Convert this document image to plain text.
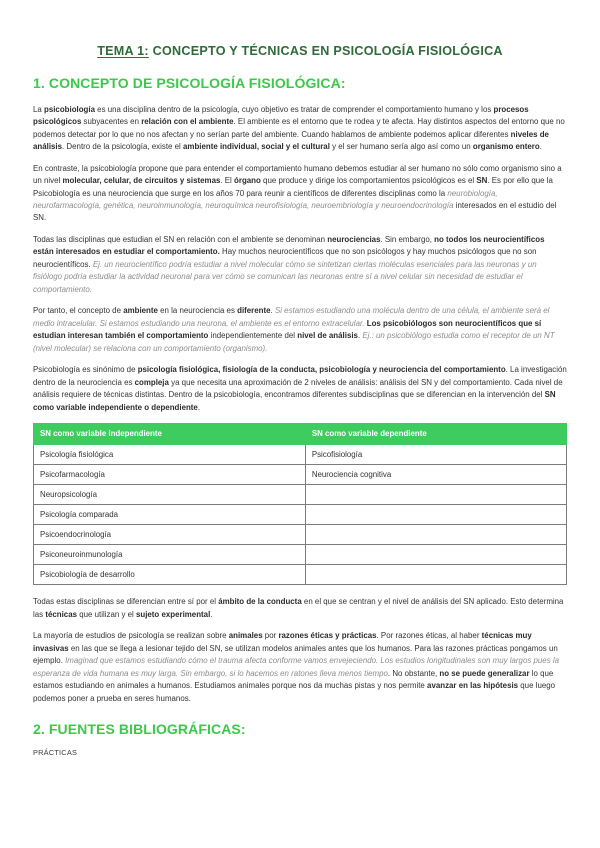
TEMA 1: CONCEPTO Y TÉCNICAS EN PSICOLOGÍA FISIOLÓGICA
1. CONCEPTO DE PSICOLOGÍA FISIOLÓGICA:

La psicobiología es una disciplina dentro de la psicología, cuyo objetivo es tratar de comprender el comportamiento humano y los procesos psicológicos subyacentes en relación con el ambiente. El ambiente es el entorno que te rodea y te afecta. Hay distintos aspectos del entorno que no podemos detectar por lo que no nos afectan y no serían parte del ambiente. Cuando hablamos de ambiente podemos aplicar diferentes niveles de análisis. Dentro de la psicología, existe el ambiente individual, social y el cultural y el ser humano sería algo así como un organismo entero.

En contraste, la psicobiología propone que para entender el comportamiento humano debemos estudiar al ser humano no sólo como organismo sino a un nivel molecular, celular, de circuitos y sistemas. El órgano que produce y dirige los comportamientos psicológicos es el SN. Es por ello que la Psicobiología es una neurociencia que surge en los años 70 para reunir a científicos de diferentes disciplinas como la neurobiología, neurofarmacología, genética, neuroinmunología, neuroquímica neurofisiología, neuroembriología y neuroendocrinología interesados en el estudio del SN.

Todas las disciplinas que estudian el SN en relación con el ambiente se denominan neurociencias. Sin embargo, no todos los neurocientíficos están interesados en estudiar el comportamiento. Hay muchos neurocientíficos que no son psicólogos y hay muchos psicólogos que no son neurocientíficos. Ej. un neurocientífico podría estudiar a nivel molecular cómo se sintetizan ciertas moléculas esenciales para las neuronas y un fisiólogo podría estudiar la actividad neuronal para ver cómo se comunican las neuronas entre sí a nivel celular sin necesidad de estudiar el comportamiento.

Por tanto, el concepto de ambiente en la neurociencia es diferente. Si estamos estudiando una molécula dentro de una célula, el ambiente será el medio intracelular. Si estamos estudiando una neurona, el ambiente es el entorno extracelular. Los psicobiólogos son neurocientíficos que sí estudian interesan también el comportamiento independientemente del nivel de análisis. Ej.: un psicobiólogo estudia como el receptor de un NT (nivel molecular) se relaciona con un comportamiento (organismo).

Psicobiología es sinónimo de psicología fisiológica, fisiología de la conducta, psicobiología y neurociencia del comportamiento. La investigación dentro de la neurociencia es compleja ya que necesita una aproximación de 2 niveles de análisis: análisis del SN y del comportamiento. Cada nivel de análisis requiere de técnicas distintas. Dentro de la psicobiología, encontramos diferentes subdisciplinas que se diferencian en la intervención del SN como variable independiente o dependiente.

SN como variable independiente	SN como variable dependiente
Psicología fisiológica	Psicofisiología
Psicofarmacología	Neurociencia cognitiva
Neuropsicología	
Psicología comparada	
Psicoendocrinología	
Psiconeuroinmunología	
Psicobiología de desarrollo	

Todas estas disciplinas se diferencian entre sí por el ámbito de la conducta en el que se centran y el nivel de análisis del SN aplicado. Esto determina las técnicas que utilizan y el sujeto experimental.

La mayoría de estudios de psicología se realizan sobre animales por razones éticas y prácticas. Por razones éticas, al haber técnicas muy invasivas en las que se llega a lesionar tejido del SN, se utilizan modelos animales antes que los humanos. Para las razones prácticas pongamos un ejemplo. Imaginad que estamos estudiando cómo el trauma afecta conforme vamos envejeciendo. Los estudios longitudinales son muy largos pues la esperanza de vida humana es muy larga. Sin embargo, si lo hacemos en ratones lleva menos tiempo. No obstante, no se puede generalizar lo que estamos estudiando en animales a humanos. Estudiamos animales porque nos da muchas pistas y nos permite avanzar en las hipótesis que luego podemos poner a prueba en seres humanos.

2. FUENTES BIBLIOGRÁFICAS:

PRÁCTICAS
